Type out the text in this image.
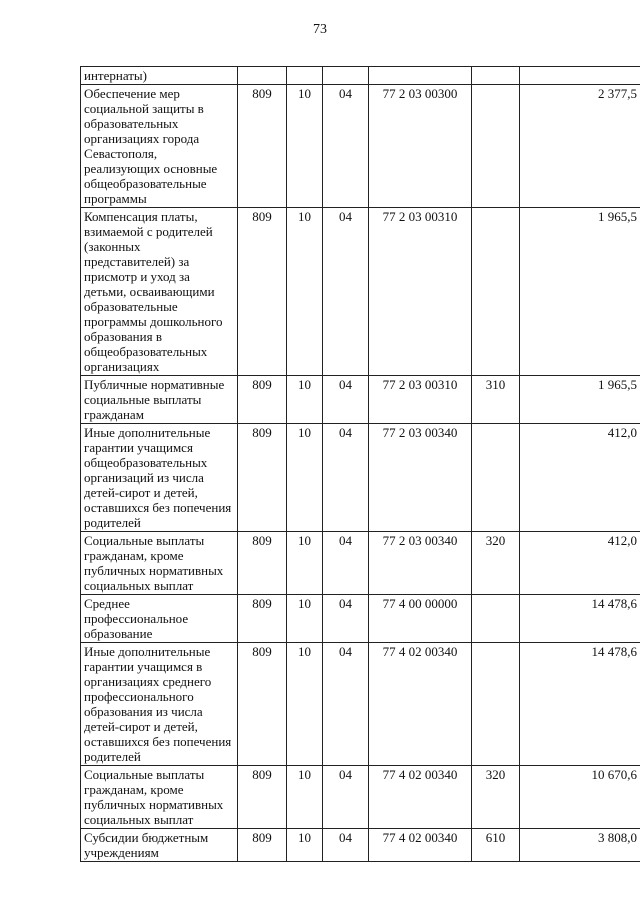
73
интернаты)						
Обеспечение мер социальной защиты в образовательных организациях города Севастополя, реализующих основные общеобразовательные программы	809	10	04	77 2 03 00300		2 377,5
Компенсация платы, взимаемой с родителей (законных представителей) за присмотр и уход за детьми, осваивающими образовательные программы дошкольного образования в общеобразовательных организациях	809	10	04	77 2 03 00310		1 965,5
Публичные нормативные социальные выплаты гражданам	809	10	04	77 2 03 00310	310	1 965,5
Иные дополнительные гарантии учащимся общеобразовательных организаций из числа детей-сирот и детей, оставшихся без попечения родителей	809	10	04	77 2 03 00340		412,0
Социальные выплаты гражданам, кроме публичных нормативных социальных выплат	809	10	04	77 2 03 00340	320	412,0
Среднее профессиональное образование	809	10	04	77 4 00 00000		14 478,6
Иные дополнительные гарантии учащимся в организациях среднего профессионального образования из числа детей-сирот и детей, оставшихся без попечения родителей	809	10	04	77 4 02 00340		14 478,6
Социальные выплаты гражданам, кроме публичных нормативных социальных выплат	809	10	04	77 4 02 00340	320	10 670,6
Субсидии бюджетным учреждениям	809	10	04	77 4 02 00340	610	3 808,0
